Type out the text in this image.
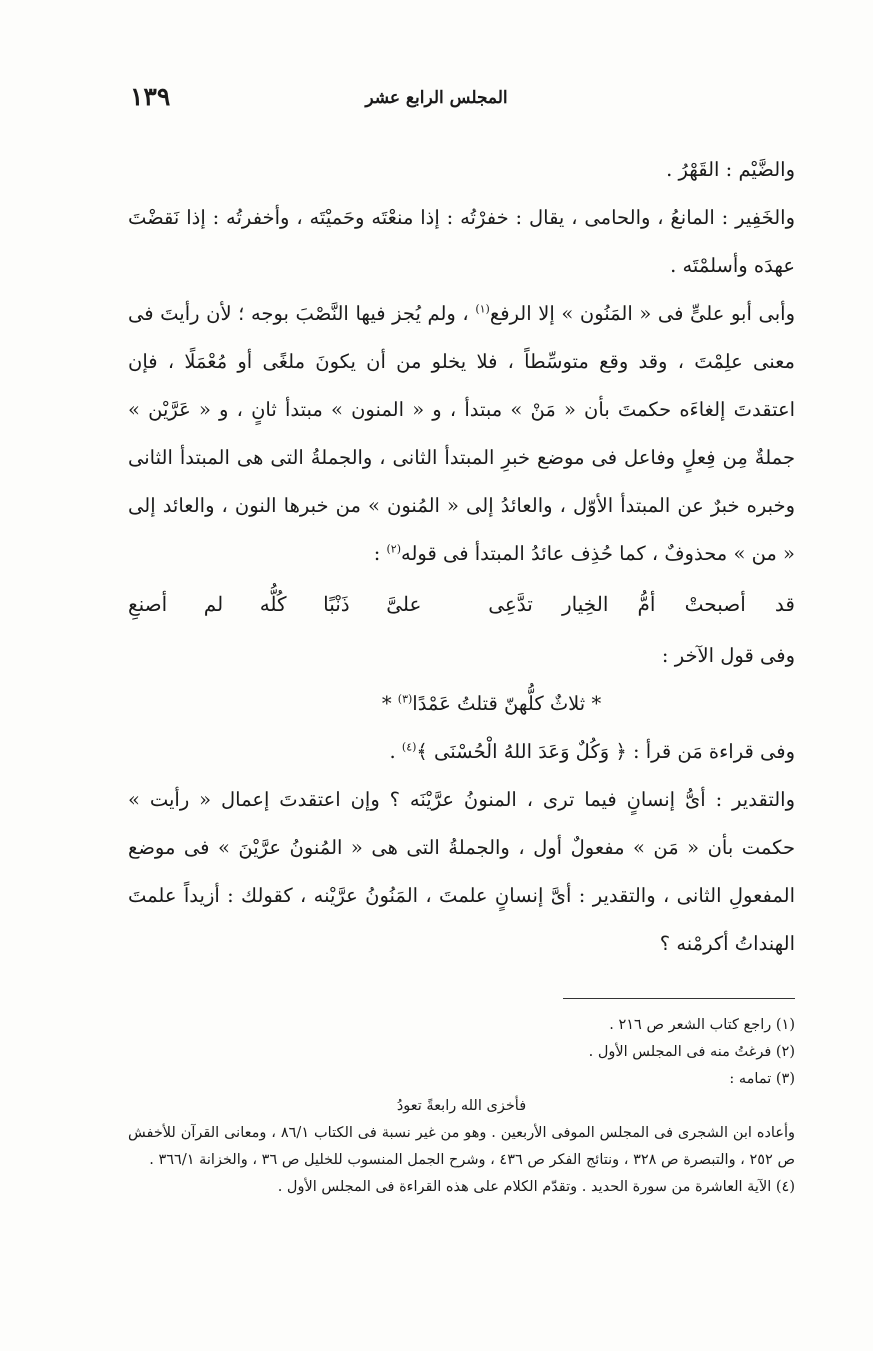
المجلس الرابع عشر
١٣٩

والضَّيْم : القَهْرُ .

والخَفِير : المانعُ ، والحامى ، يقال : خفرْتُه : إذا منعْتَه وحَميْتَه ، وأخفرتُه : إذا نَقضْتَ عهدَه وأسلمْتَه .

وأبى أبو علىٍّ فى « المَنُون » إلا الرفع$^{(١)}$ ، ولم يُجز فيها النَّصْبَ بوجه ؛ لأن رأيتَ فى معنى علِمْتَ ، وقد وقع متوسِّطاً ، فلا يخلو من أن يكونَ ملغًى أو مُعْمَلًا ، فإن اعتقدتَ إلغاءَه حكمتَ بأن « مَنْ » مبتدأ ، و « المنون » مبتدأ ثانٍ ، و « عَرَّيْن » جملةٌ مِن فِعلٍ وفاعل فى موضع خبرِ المبتدأ الثانى ، والجملةُ التى هى المبتدأ الثانى وخبره خبرٌ عن المبتدأ الأوّل ، والعائدُ إلى « المُنون » من خبرها النون ، والعائد إلى « من » محذوفٌ ، كما حُذِف عائدُ المبتدأ فى قوله$^{(٢)}$ :

قد أصبحتْ أمُّ الخِيار تدَّعِى
علىَّ ذَنْبًا كُلُّه لم أصنعِ

وفى قول الآخر :

* ثلاثٌ كلُّهنّ قتلتُ عَمْدًا$^{(٣)}$ *

وفى قراءة مَن قرأ : ﴿ وَكُلٌ وَعَدَ اللهُ الْحُسْنَى ﴾$^{(٤)}$ .

والتقدير : أىُّ إنسانٍ فيما ترى ، المنونُ عرَّيْنَه ؟ وإن اعتقدتَ إعمال « رأيت » حكمت بأن « مَن » مفعولٌ أول ، والجملةُ التى هى « المُنونُ عرَّيْنَ » فى موضع المفعولِ الثانى ، والتقدير : أىَّ إنسانٍ علمتَ ، المَنُونُ عرَّيْنه ، كقولك : أزيداً علمتَ الهنداتُ أكرمْنه ؟

(١) راجع كتاب الشعر ص ٢١٦ .

(٢) فرغتُ منه فى المجلس الأول .

(٣) تمامه :

فأخزى الله رابعةً تعودُ

وأعاده ابن الشجرى فى المجلس الموفى الأربعين . وهو من غير نسبة فى الكتاب ٨٦/١ ، ومعانى القرآن للأخفش ص ٢٥٢ ، والتبصرة ص ٣٢٨ ، ونتائج الفكر ص ٤٣٦ ، وشرح الجمل المنسوب للخليل ص ٣٦ ، والخزانة ٣٦٦/١ .

(٤) الآية العاشرة من سورة الحديد . وتقدّم الكلام على هذه القراءة فى المجلس الأول .
